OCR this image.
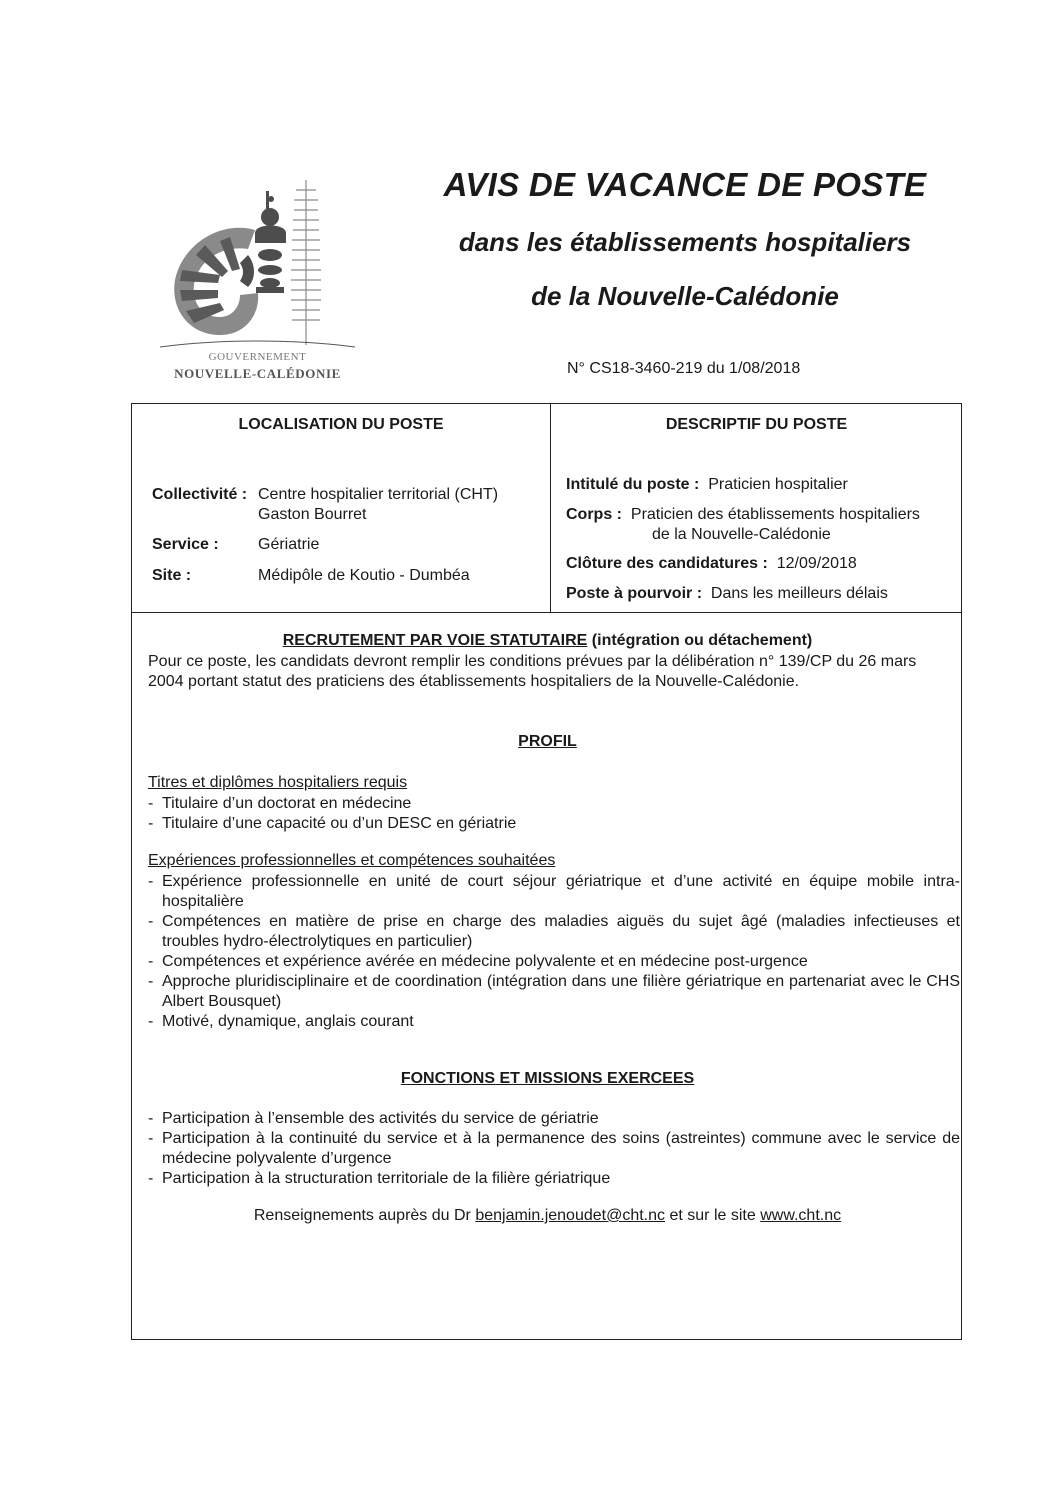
GOUVERNEMENT
NOUVELLE-CALÉDONIE
AVIS DE VACANCE DE POSTE
dans les établissements hospitaliers
de la Nouvelle-Calédonie
N° CS18-3460-219 du 1/08/2018
LOCALISATION DU POSTE	DESCRIPTIF DU POSTE
Collectivité : Centre hospitalier territorial (CHT)
Gaston Bourret
Service : Gériatrie
Site :	Médipôle de Koutio - Dumbéa
Intitulé du poste : Praticien hospitalier
Corps : Praticien des établissements hospitaliers
de la Nouvelle-Calédonie
Clôture des candidatures : 12/09/2018
Poste à pourvoir : Dans les meilleurs délais
RECRUTEMENT PAR VOIE STATUTAIRE (intégration ou détachement)
Pour ce poste, les candidats devront remplir les conditions prévues par la délibération n° 139/CP du 26 mars
2004 portant statut des praticiens des établissements hospitaliers de la Nouvelle-Calédonie.
PROFIL
Titres et diplômes hospitaliers requis
- Titulaire d’un doctorat en médecine
- Titulaire d’une capacité ou d’un DESC en gériatrie
Expériences professionnelles et compétences souhaitées
- Expérience professionnelle en unité de court séjour gériatrique et d’une activité en équipe mobile intra-hospitalière
- Compétences en matière de prise en charge des maladies aiguës du sujet âgé (maladies infectieuses et troubles hydro-électrolytiques en particulier)
- Compétences et expérience avérée en médecine polyvalente et en médecine post-urgence
- Approche pluridisciplinaire et de coordination (intégration dans une filière gériatrique en partenariat avec le CHS Albert Bousquet)
- Motivé, dynamique, anglais courant
FONCTIONS ET MISSIONS EXERCEES
- Participation à l’ensemble des activités du service de gériatrie
- Participation à la continuité du service et à la permanence des soins (astreintes) commune avec le service de médecine polyvalente d’urgence
- Participation à la structuration territoriale de la filière gériatrique
Renseignements auprès du Dr benjamin.jenoudet@cht.nc et sur le site www.cht.nc
